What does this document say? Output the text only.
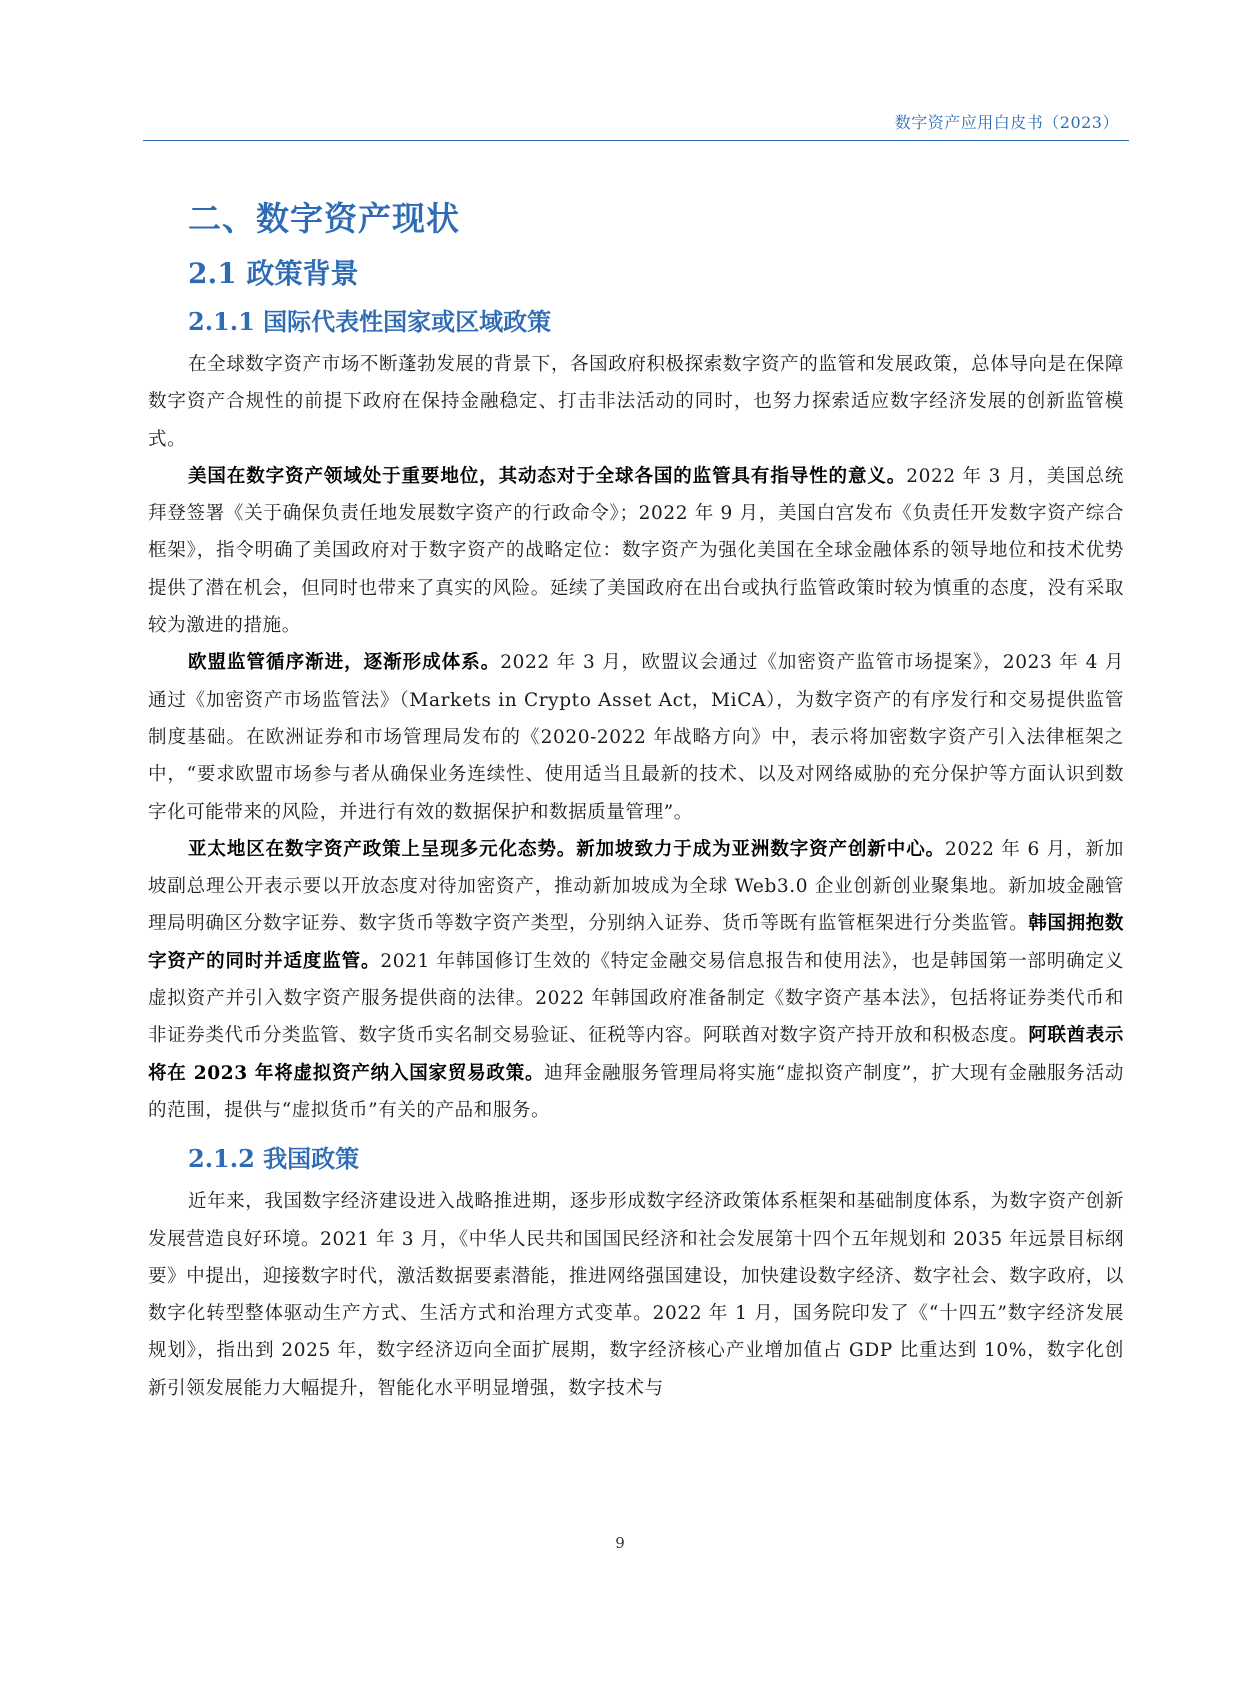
数字资产应用白皮书（2023）
二、数字资产现状
2.1 政策背景
2.1.1 国际代表性国家或区域政策

在全球数字资产市场不断蓬勃发展的背景下，各国政府积极探索数字资产的监管和发展政策，总体导向是在保障数字资产合规性的前提下政府在保持金融稳定、打击非法活动的同时，也努力探索适应数字经济发展的创新监管模式。

美国在数字资产领域处于重要地位，其动态对于全球各国的监管具有指导性的意义。2022 年 3 月，美国总统拜登签署《关于确保负责任地发展数字资产的行政命令》；2022 年 9 月，美国白宫发布《负责任开发数字资产综合框架》，指令明确了美国政府对于数字资产的战略定位：数字资产为强化美国在全球金融体系的领导地位和技术优势提供了潜在机会，但同时也带来了真实的风险。延续了美国政府在出台或执行监管政策时较为慎重的态度，没有采取较为激进的措施。

欧盟监管循序渐进，逐渐形成体系。2022 年 3 月，欧盟议会通过《加密资产监管市场提案》，2023 年 4 月通过《加密资产市场监管法》（Markets in Crypto Asset Act，MiCA），为数字资产的有序发行和交易提供监管制度基础。在欧洲证券和市场管理局发布的《2020-2022 年战略方向》中，表示将加密数字资产引入法律框架之中，“要求欧盟市场参与者从确保业务连续性、使用适当且最新的技术、以及对网络威胁的充分保护等方面认识到数字化可能带来的风险，并进行有效的数据保护和数据质量管理”。

亚太地区在数字资产政策上呈现多元化态势。新加坡致力于成为亚洲数字资产创新中心。2022 年 6 月，新加坡副总理公开表示要以开放态度对待加密资产，推动新加坡成为全球 Web3.0 企业创新创业聚集地。新加坡金融管理局明确区分数字证券、数字货币等数字资产类型，分别纳入证券、货币等既有监管框架进行分类监管。韩国拥抱数字资产的同时并适度监管。2021 年韩国修订生效的《特定金融交易信息报告和使用法》，也是韩国第一部明确定义虚拟资产并引入数字资产服务提供商的法律。2022 年韩国政府准备制定《数字资产基本法》，包括将证券类代币和非证券类代币分类监管、数字货币实名制交易验证、征税等内容。阿联酋对数字资产持开放和积极态度。阿联酋表示将在 2023 年将虚拟资产纳入国家贸易政策。迪拜金融服务管理局将实施“虚拟资产制度”，扩大现有金融服务活动的范围，提供与“虚拟货币”有关的产品和服务。

2.1.2 我国政策

近年来，我国数字经济建设进入战略推进期，逐步形成数字经济政策体系框架和基础制度体系，为数字资产创新发展营造良好环境。2021 年 3 月，《中华人民共和国国民经济和社会发展第十四个五年规划和 2035 年远景目标纲要》中提出，迎接数字时代，激活数据要素潜能，推进网络强国建设，加快建设数字经济、数字社会、数字政府，以数字化转型整体驱动生产方式、生活方式和治理方式变革。2022 年 1 月，国务院印发了《“十四五”数字经济发展规划》，指出到 2025 年，数字经济迈向全面扩展期，数字经济核心产业增加值占 GDP 比重达到 10%，数字化创新引领发展能力大幅提升，智能化水平明显增强，数字技术与

9
